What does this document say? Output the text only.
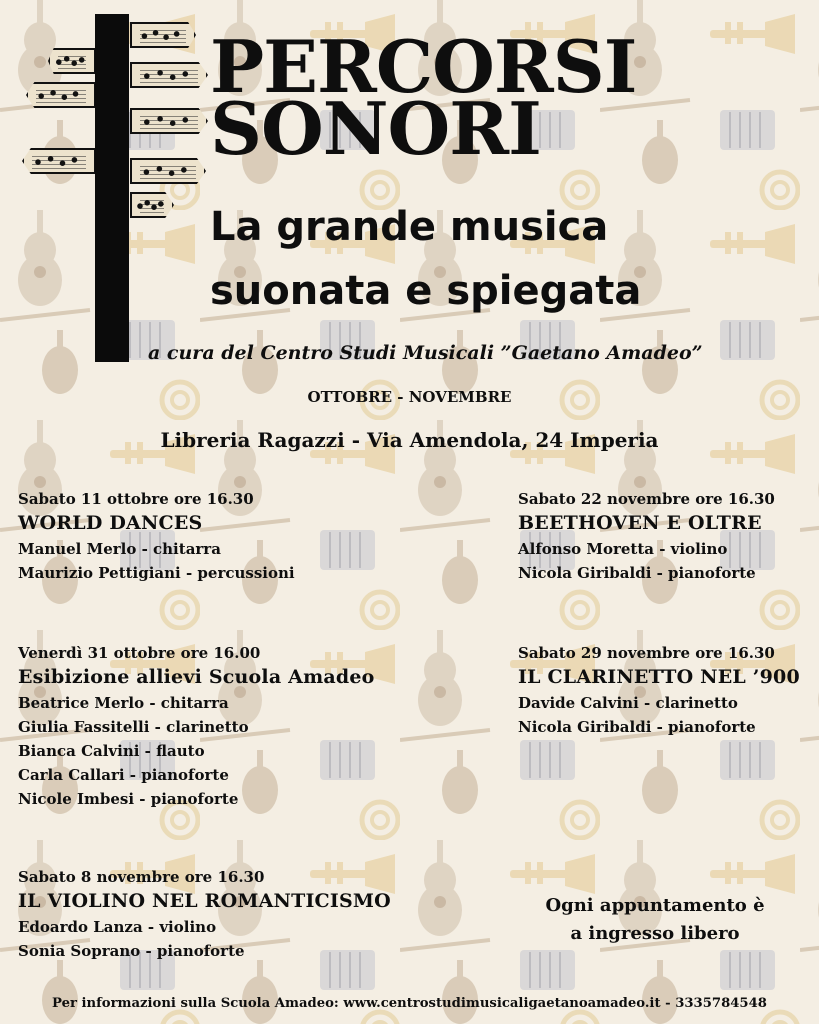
PERCORSI
SONORI
La grande musica
suonata e spiegata
a cura del Centro Studi Musicali ”Gaetano Amadeo”
OTTOBRE - NOVEMBRE
Libreria Ragazzi - Via Amendola, 24 Imperia
Sabato 11 ottobre ore 16.30
WORLD DANCES
Manuel Merlo - chitarra
Maurizio Pettigiani - percussioni
Sabato 22 novembre ore 16.30
BEETHOVEN E OLTRE
Alfonso Moretta - violino
Nicola Giribaldi - pianoforte
Venerdì 31 ottobre ore 16.00
Esibizione allievi Scuola Amadeo
Beatrice Merlo - chitarra
Giulia Fassitelli - clarinetto
Bianca Calvini - flauto
Carla Callari - pianoforte
Nicole Imbesi - pianoforte
Sabato 29 novembre ore 16.30
IL CLARINETTO NEL ’900
Davide Calvini - clarinetto
Nicola Giribaldi - pianoforte
Sabato 8 novembre ore 16.30
IL VIOLINO NEL ROMANTICISMO
Edoardo Lanza - violino
Sonia Soprano - pianoforte
Ogni appuntamento è
a ingresso libero
Per informazioni sulla Scuola Amadeo: www.centrostudimusicaligaetanoamadeo.it - 3335784548
